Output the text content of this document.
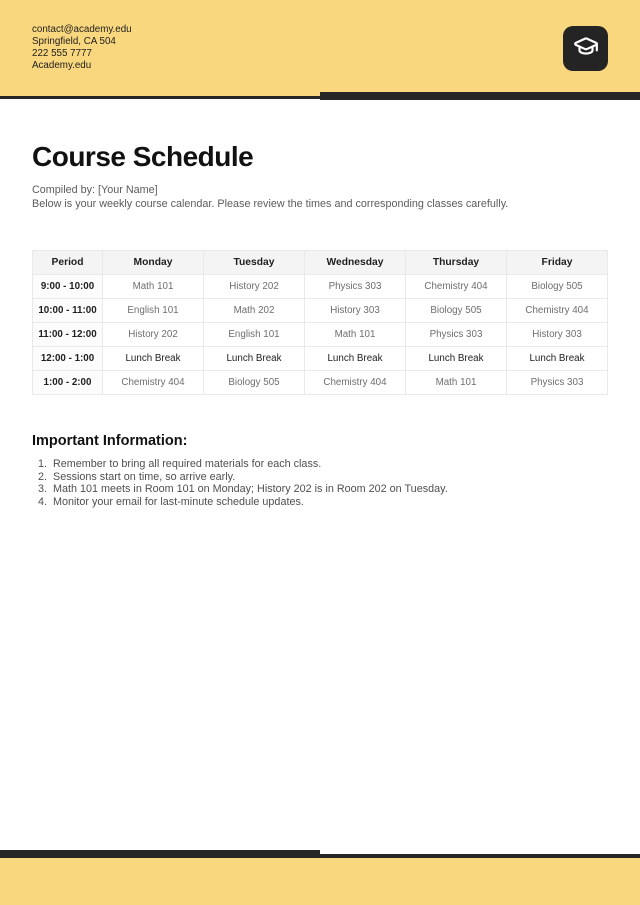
contact@academy.edu
Springfield, CA 504
222 555 7777
Academy.edu
Course Schedule
Compiled by: [Your Name]
Below is your weekly course calendar. Please review the times and corresponding classes carefully.
Period	Monday	Tuesday	Wednesday	Thursday	Friday
9:00 - 10:00	Math 101	History 202	Physics 303	Chemistry 404	Biology 505
10:00 - 11:00	English 101	Math 202	History 303	Biology 505	Chemistry 404
11:00 - 12:00	History 202	English 101	Math 101	Physics 303	History 303
12:00 - 1:00	Lunch Break	Lunch Break	Lunch Break	Lunch Break	Lunch Break
1:00 - 2:00	Chemistry 404	Biology 505	Chemistry 404	Math 101	Physics 303
Important Information:
1. Remember to bring all required materials for each class.
2. Sessions start on time, so arrive early.
3. Math 101 meets in Room 101 on Monday; History 202 is in Room 202 on Tuesday.
4. Monitor your email for last-minute schedule updates.
